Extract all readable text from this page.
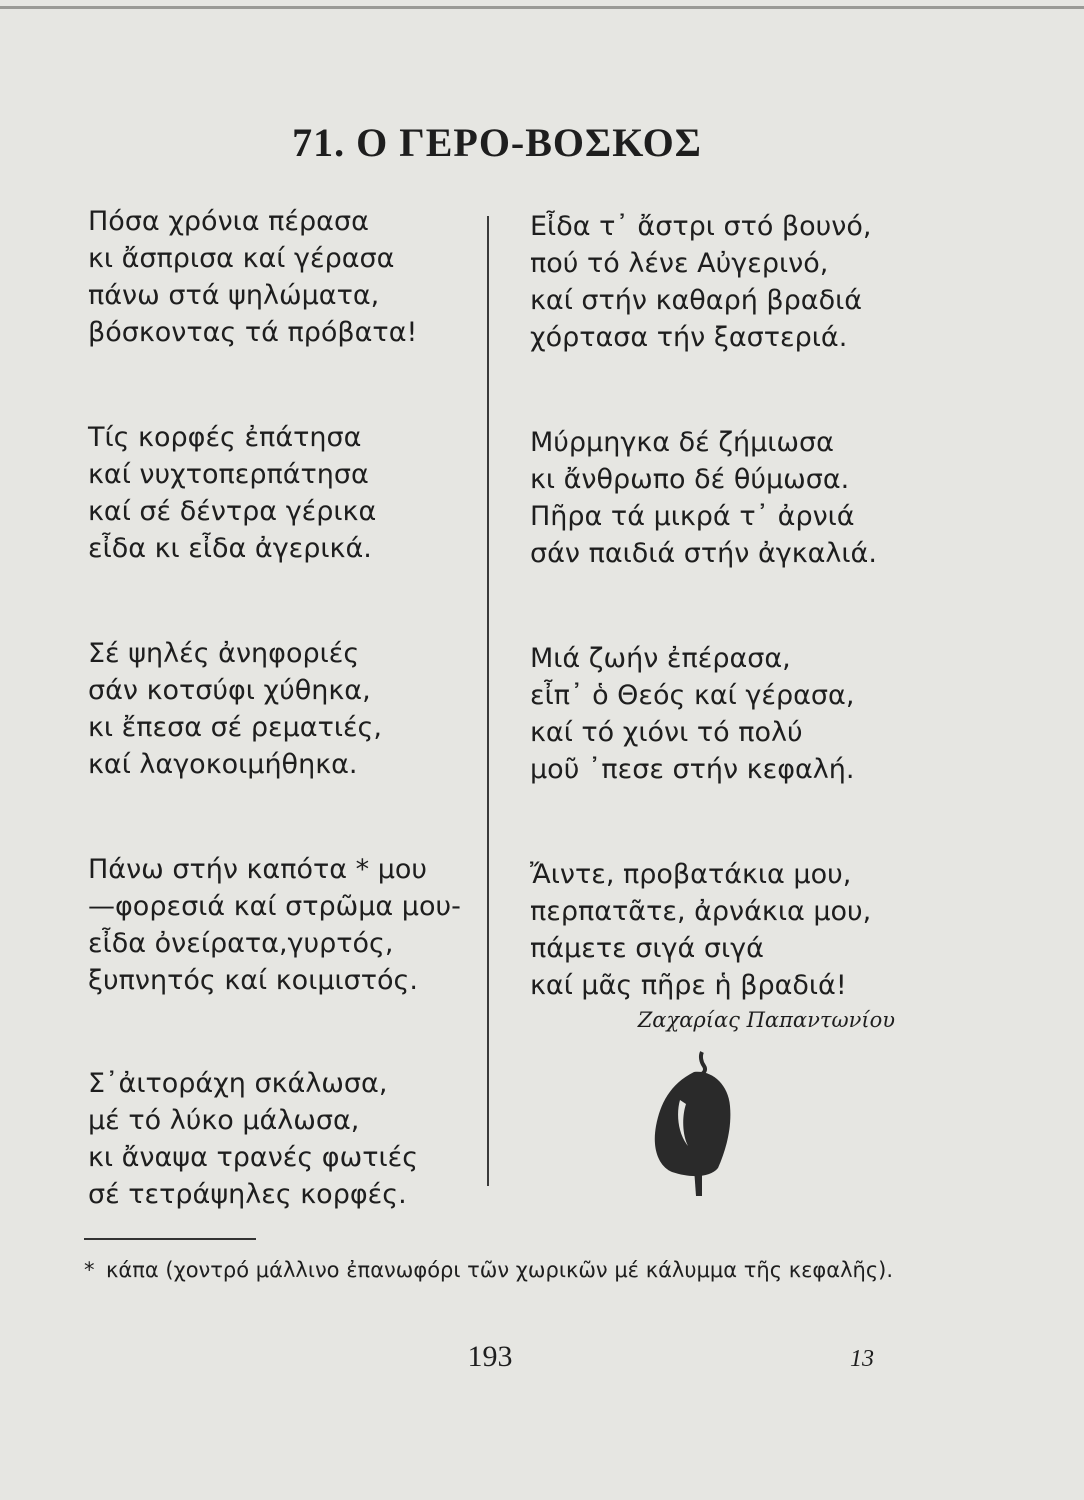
71. Ο ΓΕΡΟ-ΒΟΣΚΟΣ
Πόσα χρόνια πέρασα
κι ἄσπρισα καί γέρασα
πάνω στά ψηλώματα,
βόσκοντας τά πρόβατα!
Τίς κορφές ἐπάτησα
καί νυχτοπερπάτησα
καί σέ δέντρα γέρικα
εἶδα κι εἶδα ἀγερικά.
Σέ ψηλές ἀνηφοριές
σάν κοτσύφι χύθηκα,
κι ἔπεσα σέ ρεματιές,
καί λαγοκοιμήθηκα.
Πάνω στήν καπότα * μου
—φορεσιά καί στρῶμα μου-
εἶδα ὀνείρατα,γυρτός,
ξυπνητός καί κοιμιστός.
Σ᾽ἀιτοράχη σκάλωσα,
μέ τό λύκο μάλωσα,
κι ἄναψα τρανές φωτιές
σέ τετράψηλες κορφές.
Εἶδα τ᾽ ἄστρι στό βουνό,
πού τό λένε Αὐγερινό,
καί στήν καθαρή βραδιά
χόρτασα τήν ξαστεριά.
Μύρμηγκα δέ ζήμιωσα
κι ἄνθρωπο δέ θύμωσα.
Πῆρα τά μικρά τ᾽ ἀρνιά
σάν παιδιά στήν ἀγκαλιά.
Μιά ζωήν ἐπέρασα,
εἶπ᾽ ὁ Θεός καί γέρασα,
καί τό χιόνι τό πολύ
μοῦ ᾽πεσε στήν κεφαλή.
Ἄιντε, προβατάκια μου,
περπατᾶτε, ἀρνάκια μου,
πάμετε σιγά σιγά
καί μᾶς πῆρε ἡ βραδιά!
Ζαχαρίας Παπαντωνίου
* κάπα (χοντρό μάλλινο ἐπανωφόρι τῶν χωρικῶν μέ κάλυμμα τῆς κεφαλῆς).
193	13
